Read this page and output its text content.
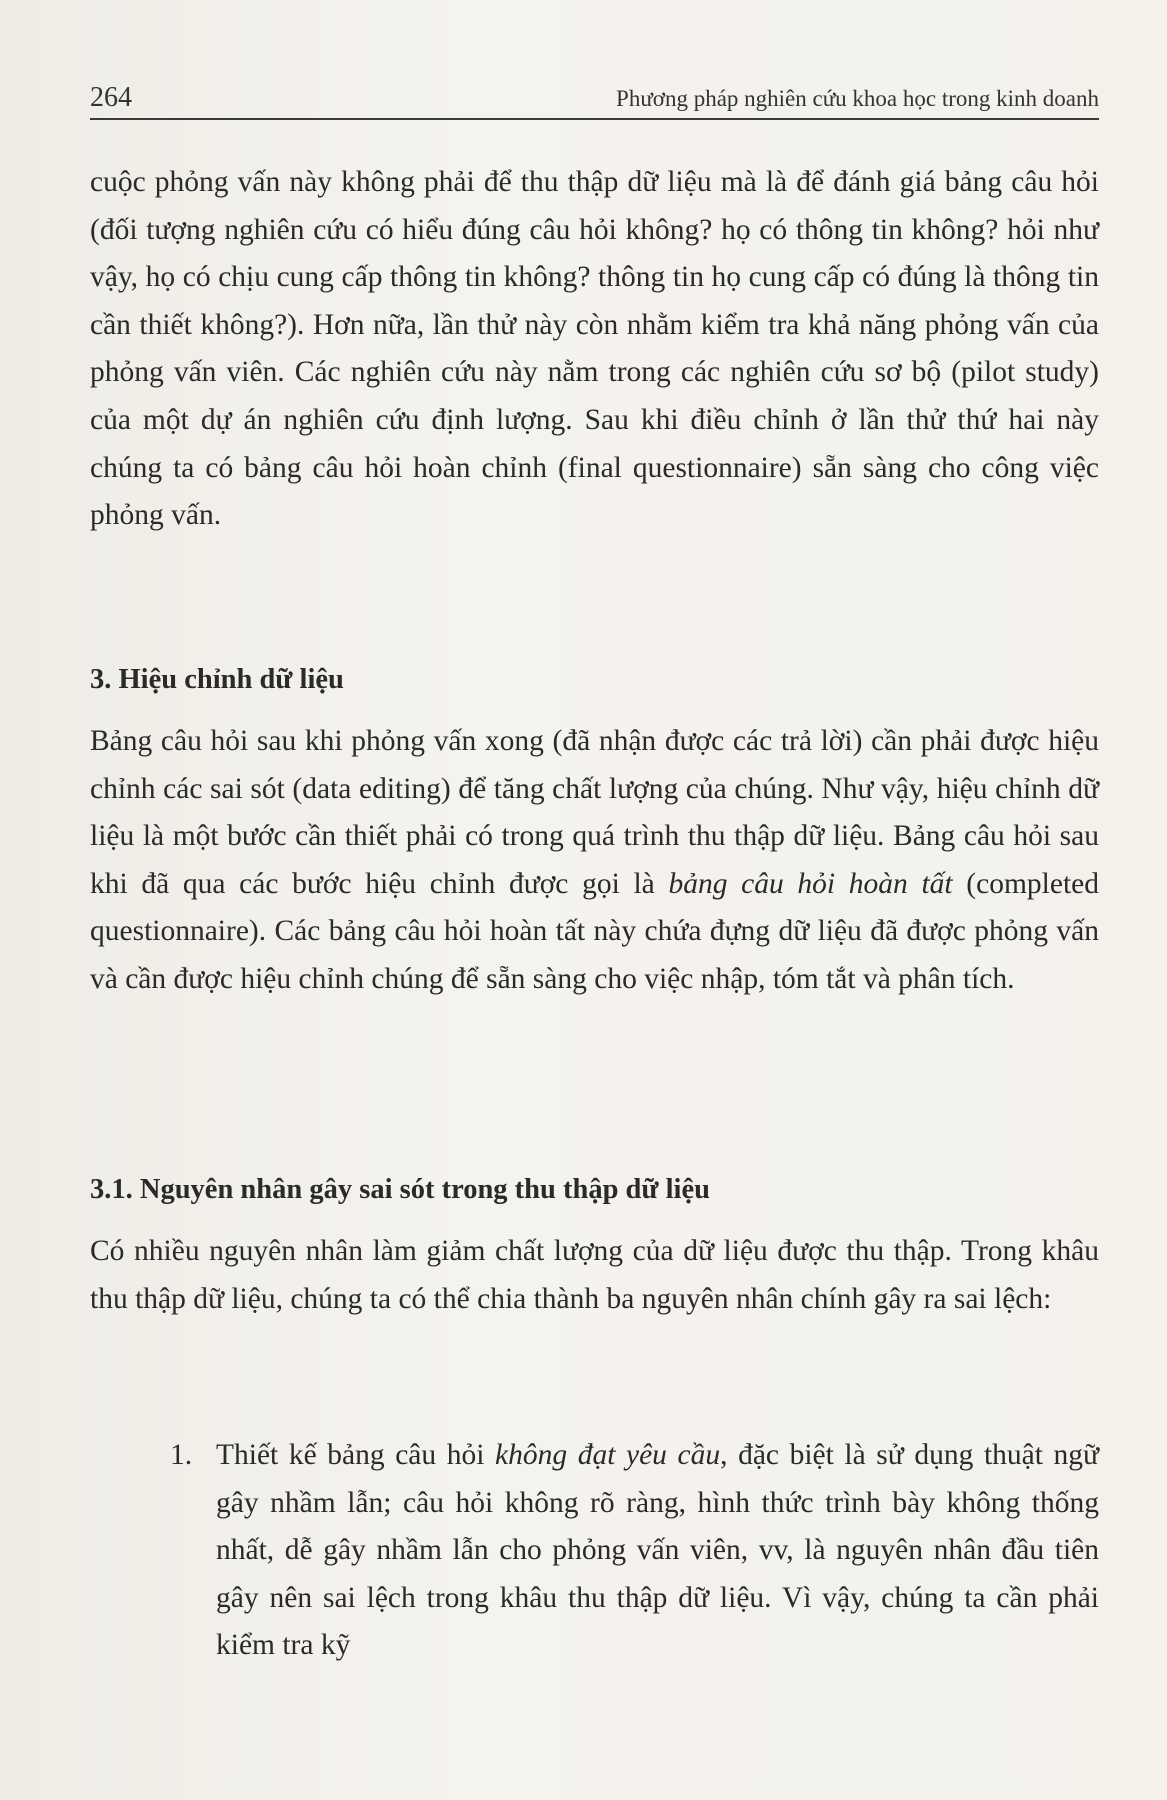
264	Phương pháp nghiên cứu khoa học trong kinh doanh

cuộc phỏng vấn này không phải để thu thập dữ liệu mà là để đánh giá bảng câu hỏi (đối tượng nghiên cứu có hiểu đúng câu hỏi không? họ có thông tin không? hỏi như vậy, họ có chịu cung cấp thông tin không? thông tin họ cung cấp có đúng là thông tin cần thiết không?). Hơn nữa, lần thử này còn nhằm kiểm tra khả năng phỏng vấn của phỏng vấn viên. Các nghiên cứu này nằm trong các nghiên cứu sơ bộ (pilot study) của một dự án nghiên cứu định lượng. Sau khi điều chỉnh ở lần thử thứ hai này chúng ta có bảng câu hỏi hoàn chỉnh (final questionnaire) sẵn sàng cho công việc phỏng vấn.

3. Hiệu chỉnh dữ liệu

Bảng câu hỏi sau khi phỏng vấn xong (đã nhận được các trả lời) cần phải được hiệu chỉnh các sai sót (data editing) để tăng chất lượng của chúng. Như vậy, hiệu chỉnh dữ liệu là một bước cần thiết phải có trong quá trình thu thập dữ liệu. Bảng câu hỏi sau khi đã qua các bước hiệu chỉnh được gọi là bảng câu hỏi hoàn tất (completed questionnaire). Các bảng câu hỏi hoàn tất này chứa đựng dữ liệu đã được phỏng vấn và cần được hiệu chỉnh chúng để sẵn sàng cho việc nhập, tóm tắt và phân tích.

3.1. Nguyên nhân gây sai sót trong thu thập dữ liệu

Có nhiều nguyên nhân làm giảm chất lượng của dữ liệu được thu thập. Trong khâu thu thập dữ liệu, chúng ta có thể chia thành ba nguyên nhân chính gây ra sai lệch:

1. Thiết kế bảng câu hỏi không đạt yêu cầu, đặc biệt là sử dụng thuật ngữ gây nhầm lẫn; câu hỏi không rõ ràng, hình thức trình bày không thống nhất, dễ gây nhầm lẫn cho phỏng vấn viên, vv, là nguyên nhân đầu tiên gây nên sai lệch trong khâu thu thập dữ liệu. Vì vậy, chúng ta cần phải kiểm tra kỹ
